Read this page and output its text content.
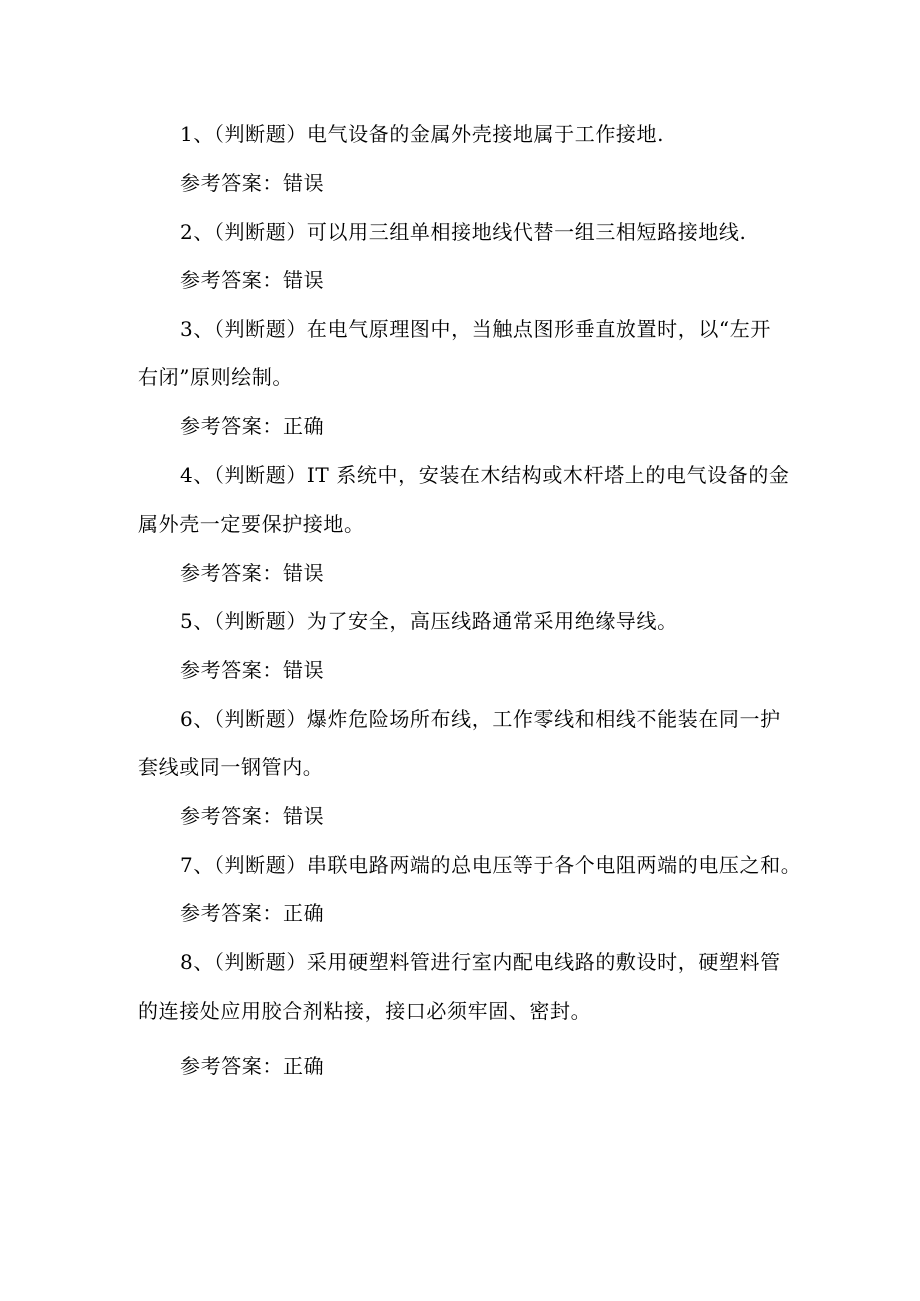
1、（判断题）电气设备的金属外壳接地属于工作接地.
参考答案：错误
2、（判断题）可以用三组单相接地线代替一组三相短路接地线.
参考答案：错误
3、（判断题）在电气原理图中，当触点图形垂直放置时，以“左开
右闭”原则绘制。
参考答案：正确
4、（判断题）IT 系统中，安装在木结构或木杆塔上的电气设备的金
属外壳一定要保护接地。
参考答案：错误
5、（判断题）为了安全，高压线路通常采用绝缘导线。
参考答案：错误
6、（判断题）爆炸危险场所布线，工作零线和相线不能装在同一护
套线或同一钢管内。
参考答案：错误
7、（判断题）串联电路两端的总电压等于各个电阻两端的电压之和。
参考答案：正确
8、（判断题）采用硬塑料管进行室内配电线路的敷设时，硬塑料管
的连接处应用胶合剂粘接，接口必须牢固、密封。
参考答案：正确
